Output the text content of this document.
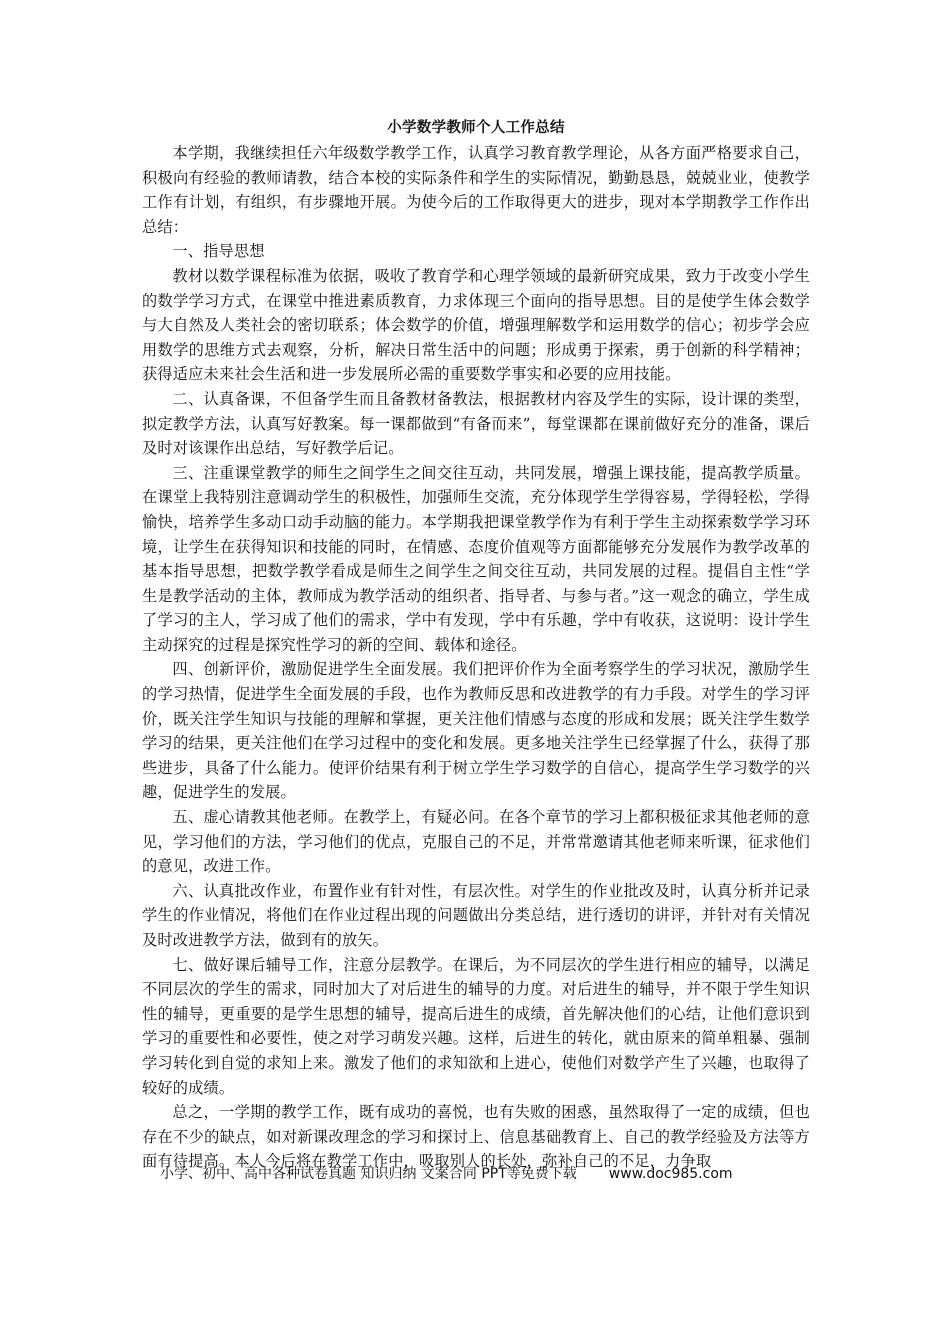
小学数学教师个人工作总结

本学期，我继续担任六年级数学教学工作，认真学习教育教学理论，从各方面严格要求自己，积极向有经验的教师请教，结合本校的实际条件和学生的实际情况，勤勤恳恳，兢兢业业，使教学工作有计划，有组织，有步骤地开展。为使今后的工作取得更大的进步，现对本学期教学工作作出总结：

一、指导思想

教材以数学课程标准为依据，吸收了教育学和心理学领域的最新研究成果，致力于改变小学生的数学学习方式，在课堂中推进素质教育，力求体现三个面向的指导思想。目的是使学生体会数学与大自然及人类社会的密切联系；体会数学的价值，增强理解数学和运用数学的信心；初步学会应用数学的思维方式去观察，分析，解决日常生活中的问题；形成勇于探索，勇于创新的科学精神；获得适应未来社会生活和进一步发展所必需的重要数学事实和必要的应用技能。

二、认真备课，不但备学生而且备教材备教法，根据教材内容及学生的实际，设计课的类型，拟定教学方法，认真写好教案。每一课都做到“有备而来”，每堂课都在课前做好充分的准备，课后及时对该课作出总结，写好教学后记。

三、注重课堂教学的师生之间学生之间交往互动，共同发展，增强上课技能，提高教学质量。在课堂上我特别注意调动学生的积极性，加强师生交流，充分体现学生学得容易，学得轻松，学得愉快，培养学生多动口动手动脑的能力。本学期我把课堂教学作为有利于学生主动探索数学学习环境，让学生在获得知识和技能的同时，在情感、态度价值观等方面都能够充分发展作为教学改革的基本指导思想，把数学教学看成是师生之间学生之间交往互动，共同发展的过程。提倡自主性“学生是教学活动的主体，教师成为教学活动的组织者、指导者、与参与者。”这一观念的确立，学生成了学习的主人，学习成了他们的需求，学中有发现，学中有乐趣，学中有收获，这说明：设计学生主动探究的过程是探究性学习的新的空间、载体和途径。

四、创新评价，激励促进学生全面发展。我们把评价作为全面考察学生的学习状况，激励学生的学习热情，促进学生全面发展的手段，也作为教师反思和改进教学的有力手段。对学生的学习评价，既关注学生知识与技能的理解和掌握，更关注他们情感与态度的形成和发展；既关注学生数学学习的结果，更关注他们在学习过程中的变化和发展。更多地关注学生已经掌握了什么，获得了那些进步，具备了什么能力。使评价结果有利于树立学生学习数学的自信心，提高学生学习数学的兴趣，促进学生的发展。

五、虚心请教其他老师。在教学上，有疑必问。在各个章节的学习上都积极征求其他老师的意见，学习他们的方法，学习他们的优点，克服自己的不足，并常常邀请其他老师来听课，征求他们的意见，改进工作。

六、认真批改作业，布置作业有针对性，有层次性。对学生的作业批改及时，认真分析并记录学生的作业情况，将他们在作业过程出现的问题做出分类总结，进行透切的讲评，并针对有关情况及时改进教学方法，做到有的放矢。

七、做好课后辅导工作，注意分层教学。在课后，为不同层次的学生进行相应的辅导，以满足不同层次的学生的需求，同时加大了对后进生的辅导的力度。对后进生的辅导，并不限于学生知识性的辅导，更重要的是学生思想的辅导，提高后进生的成绩，首先解决他们的心结，让他们意识到学习的重要性和必要性，使之对学习萌发兴趣。这样，后进生的转化，就由原来的简单粗暴、强制学习转化到自觉的求知上来。激发了他们的求知欲和上进心，使他们对数学产生了兴趣，也取得了较好的成绩。

总之，一学期的教学工作，既有成功的喜悦，也有失败的困惑，虽然取得了一定的成绩，但也存在不少的缺点，如对新课改理念的学习和探讨上、信息基础教育上、自己的教学经验及方法等方面有待提高。本人今后将在教学工作中，吸取别人的长处，弥补自己的不足，力争取

小学、初中、高中各种试卷真题 知识归纳 文案合同 PPT等免费下载 www.doc985.com
